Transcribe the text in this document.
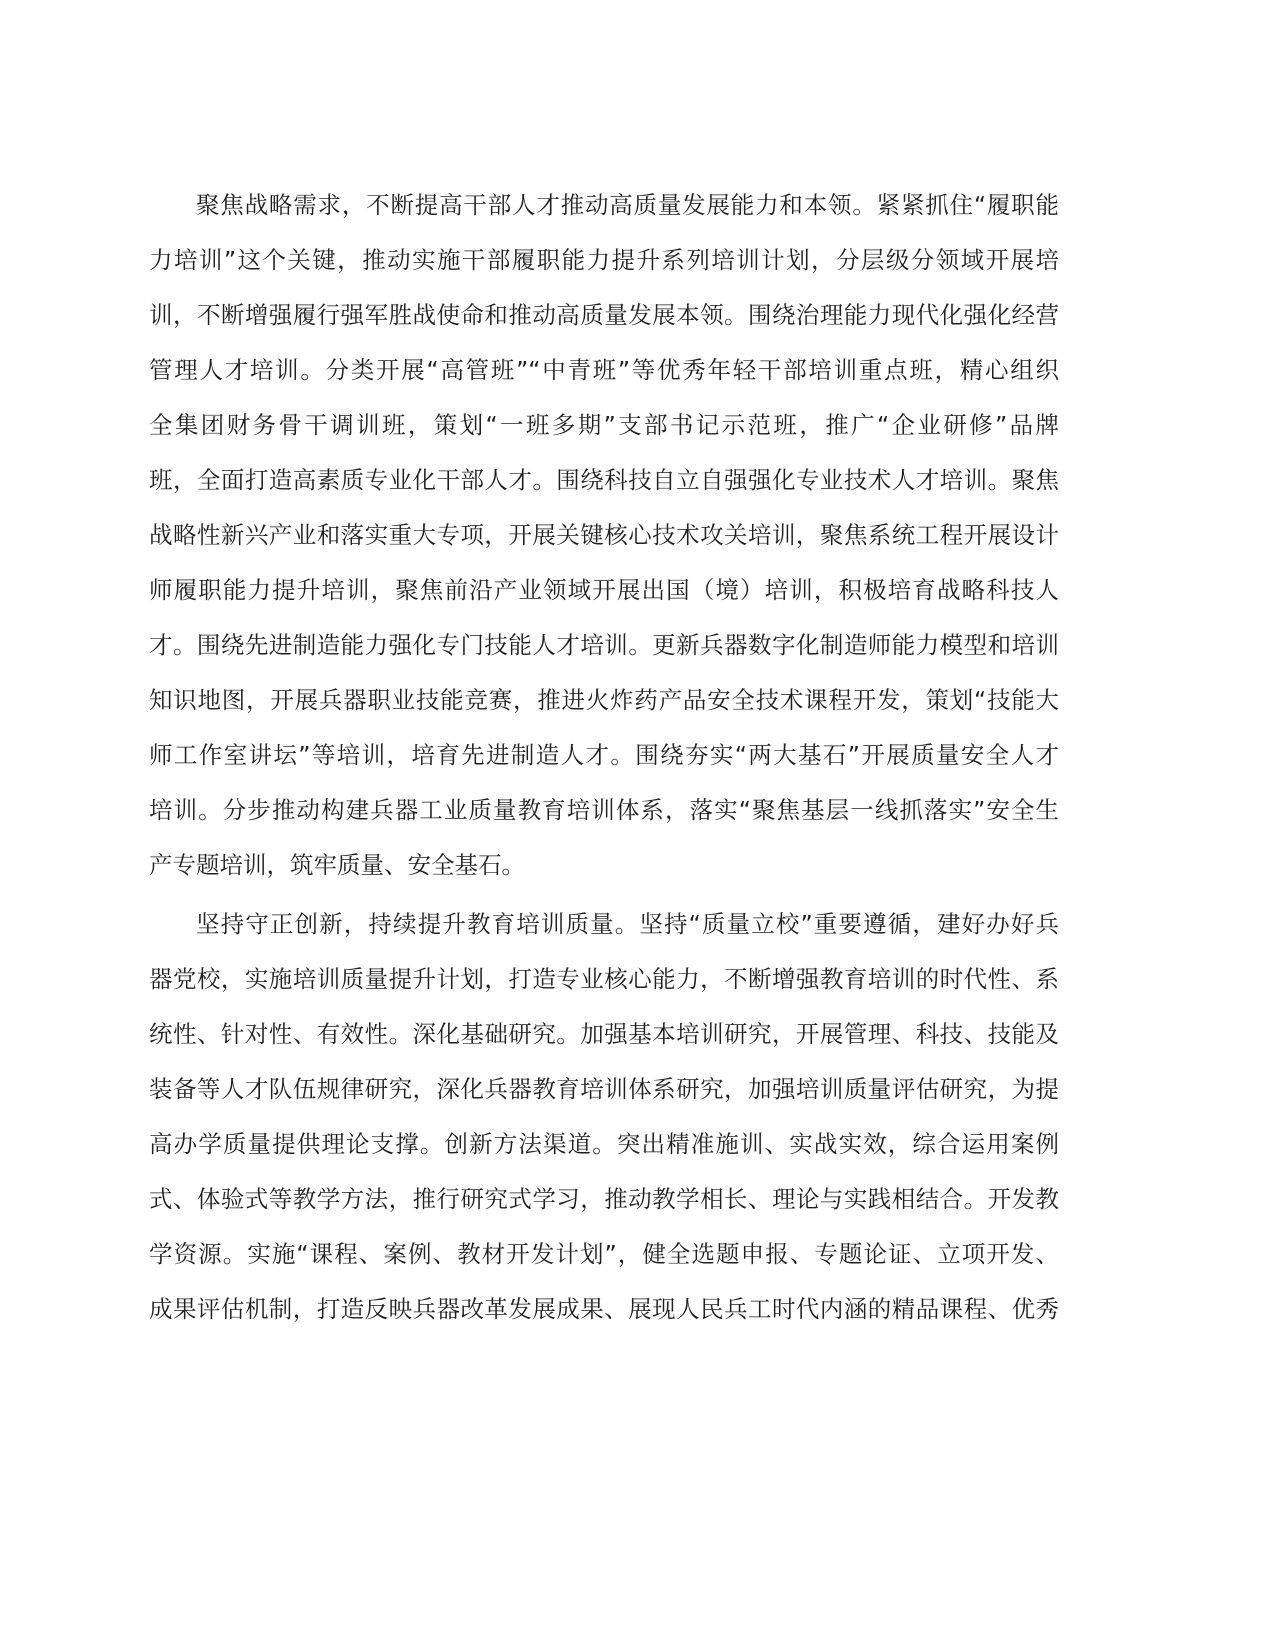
聚焦战略需求，不断提高干部人才推动高质量发展能力和本领。紧紧抓住“履职能
力培训”这个关键，推动实施干部履职能力提升系列培训计划，分层级分领域开展培
训，不断增强履行强军胜战使命和推动高质量发展本领。围绕治理能力现代化强化经营
管理人才培训。分类开展“高管班”“中青班”等优秀年轻干部培训重点班，精心组织
全集团财务骨干调训班，策划“一班多期”支部书记示范班，推广“企业研修”品牌
班，全面打造高素质专业化干部人才。围绕科技自立自强强化专业技术人才培训。聚焦
战略性新兴产业和落实重大专项，开展关键核心技术攻关培训，聚焦系统工程开展设计
师履职能力提升培训，聚焦前沿产业领域开展出国（境）培训，积极培育战略科技人
才。围绕先进制造能力强化专门技能人才培训。更新兵器数字化制造师能力模型和培训
知识地图，开展兵器职业技能竞赛，推进火炸药产品安全技术课程开发，策划“技能大
师工作室讲坛”等培训，培育先进制造人才。围绕夯实“两大基石”开展质量安全人才
培训。分步推动构建兵器工业质量教育培训体系，落实“聚焦基层一线抓落实”安全生
产专题培训，筑牢质量、安全基石。
坚持守正创新，持续提升教育培训质量。坚持“质量立校”重要遵循，建好办好兵
器党校，实施培训质量提升计划，打造专业核心能力，不断增强教育培训的时代性、系
统性、针对性、有效性。深化基础研究。加强基本培训研究，开展管理、科技、技能及
装备等人才队伍规律研究，深化兵器教育培训体系研究，加强培训质量评估研究，为提
高办学质量提供理论支撑。创新方法渠道。突出精准施训、实战实效，综合运用案例
式、体验式等教学方法，推行研究式学习，推动教学相长、理论与实践相结合。开发教
学资源。实施“课程、案例、教材开发计划”，健全选题申报、专题论证、立项开发、
成果评估机制，打造反映兵器改革发展成果、展现人民兵工时代内涵的精品课程、优秀
